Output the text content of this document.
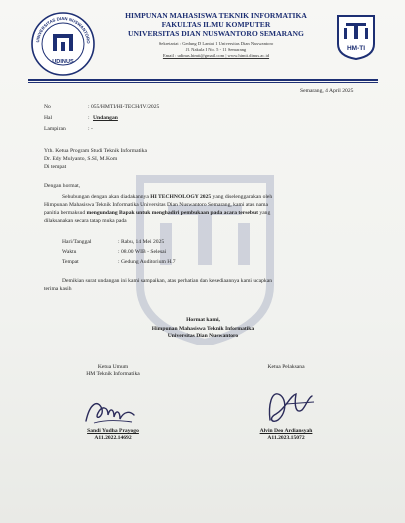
UNIVERSITAS DIAN NUSWANTORO
UDINUS
HIMPUNAN MAHASISWA TEKNIK INFORMATIKA
FAKULTAS ILMU KOMPUTER
UNIVERSITAS DIAN NUSWANTORO SEMARANG
Sekretariat : Gedung D Lantai 1 Universitas Dian Nuswantoro
Jl. Nakula I No. 5 - 11 Semarang
Email : udinus.himti@gmail.com | www.himti.dinus.ac.id
HM-TI
Semarang, 4 April 2025
No	: 055/HMTI/HI-TECH/IV/2025
Hal	: Undangan
Lampiran	: -
Yth. Ketua Program Studi Teknik Informatika
Dr. Edy Mulyanto, S.SI, M.Kom
Di tempat
Dengan hormat,
Sehubungan dengan akan diadakannya HI TECHNOLOGY 2025 yang diselenggarakan oleh
Himpunan Mahasiswa Teknik Informatika Universitas Dian Nuswantoro Semarang, kami atas nama
panitia bermaksud mengundang Bapak untuk menghadiri pembukaan pada acara tersebut yang
dilaksanakan secara tatap muka pada
Hari/Tanggal	: Rabu, 14 Mei 2025
Waktu	: 08.00 WIB - Selesai
Tempat	: Gedung Auditorium H.7
Demikian surat undangan ini kami sampaikan, atas perhatian dan kesediaannya kami ucapkan
terima kasih
Hormat kami,
Himpunan Mahasiswa Teknik Informatika
Universitas Dian Nuswantoro
Ketua Umum
HM Teknik Informatika
Sandi Yudha Prayogo
A11.2022.14692
Ketua Pelaksana
Alvin Deo Ardiansyah
A11.2023.15072
